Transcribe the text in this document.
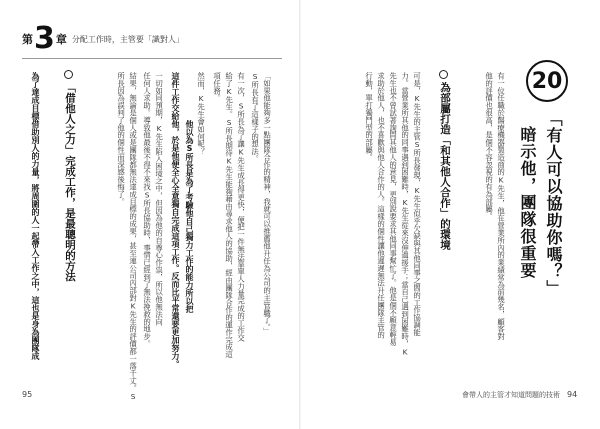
第 3 章 分配工作時，主管要「識對人」
「如果他能夠多一點團隊合作的精神，我就可以推薦他升任為公司的主管職了。」
S所長有了這樣子的想法。
有一次，S所長為了讓K先生成長得更快，便把一件無法靠單人力量完成的工作交
給了K先生。S所長期待K先生能夠藉由尋求他人的協助，經由團隊合作的運作完成這
項任務。
然而，K先生會如何呢？
他以為S所長是為了考驗他自己獨力工作的能力所以把
這件工作交給他，於是他便全心全意獨自完成這項工作。反而比平常還要更加努力。
一切如同預期，K先生陷入困境之中，但因為他的自尊心作祟，所以他無法向
任何人求助。導致他最後不得不來找S所長協助時，事情已經到了無法挽救的地步。
結果，無論是個人或是團隊都無法達成目標的成果，甚至連公司內部對K先生的評價都一落千丈。S
所長因為誤判了他的個性而深感後悔了。
「借他人之力」完成工作，是最聰明的方法
為了達成目標借助別人的力量，將周圍的人一起帶入工作之中，這也是身為團隊成
95
20
「有人可以協助你嗎？」
暗示他，團隊很重要
有一位任職於醫療機器製造商的K先生，他在營業所內的業績常為前幾名，顧客對
他的評價也很高，是個不容忽視的有為部屬。
為部屬打造「和其他人合作」的環境
可是，K先生的主管S所長發現，K先生似乎欠缺與其他同事之間的工作協調能
力。當營業所其他的同事遇到困難時，K先生從來沒伸過援手；當自己遇到困難時，K
先生也不曾試著詢問其他人的意見，更別說要求其他同事幫忙了。他是個不願意輕易
求助於他人，也不喜歡與他人合作的人。這樣的個性讓他遲遲無法升任團隊主管的
行動，單打獨鬥型的部屬。
會帶人的主管才知道問題的技術 94
